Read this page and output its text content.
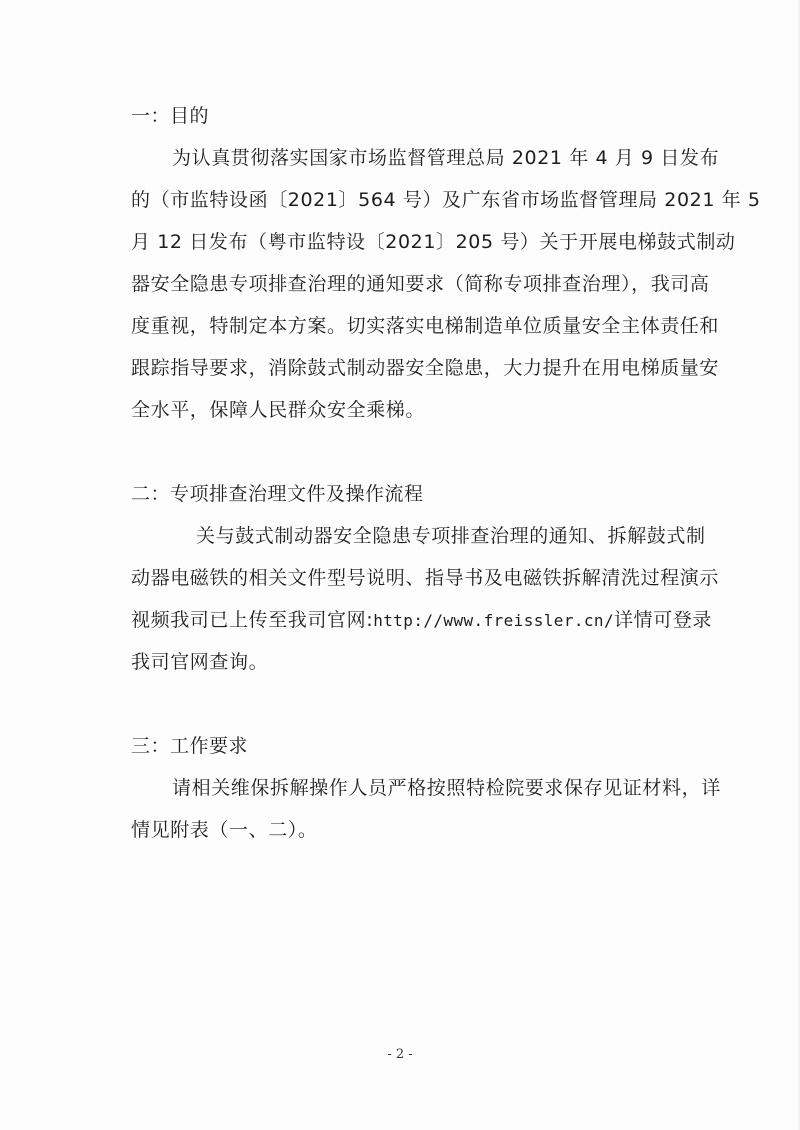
一：目的
为认真贯彻落实国家市场监督管理总局 2021 年 4 月 9 日发布
的（市监特设函〔2021〕564 号）及广东省市场监督管理局 2021 年 5
月 12 日发布（粤市监特设〔2021〕205 号）关于开展电梯鼓式制动
器安全隐患专项排查治理的通知要求（简称专项排查治理），我司高
度重视，特制定本方案。切实落实电梯制造单位质量安全主体责任和
跟踪指导要求，消除鼓式制动器安全隐患，大力提升在用电梯质量安
全水平，保障人民群众安全乘梯。
二：专项排查治理文件及操作流程
关与鼓式制动器安全隐患专项排查治理的通知、拆解鼓式制
动器电磁铁的相关文件型号说明、指导书及电磁铁拆解清洗过程演示
视频我司已上传至我司官网:http://www.freissler.cn/详情可登录
我司官网查询。
三：工作要求
请相关维保拆解操作人员严格按照特检院要求保存见证材料，详
情见附表（一、二）。
- 2 -
